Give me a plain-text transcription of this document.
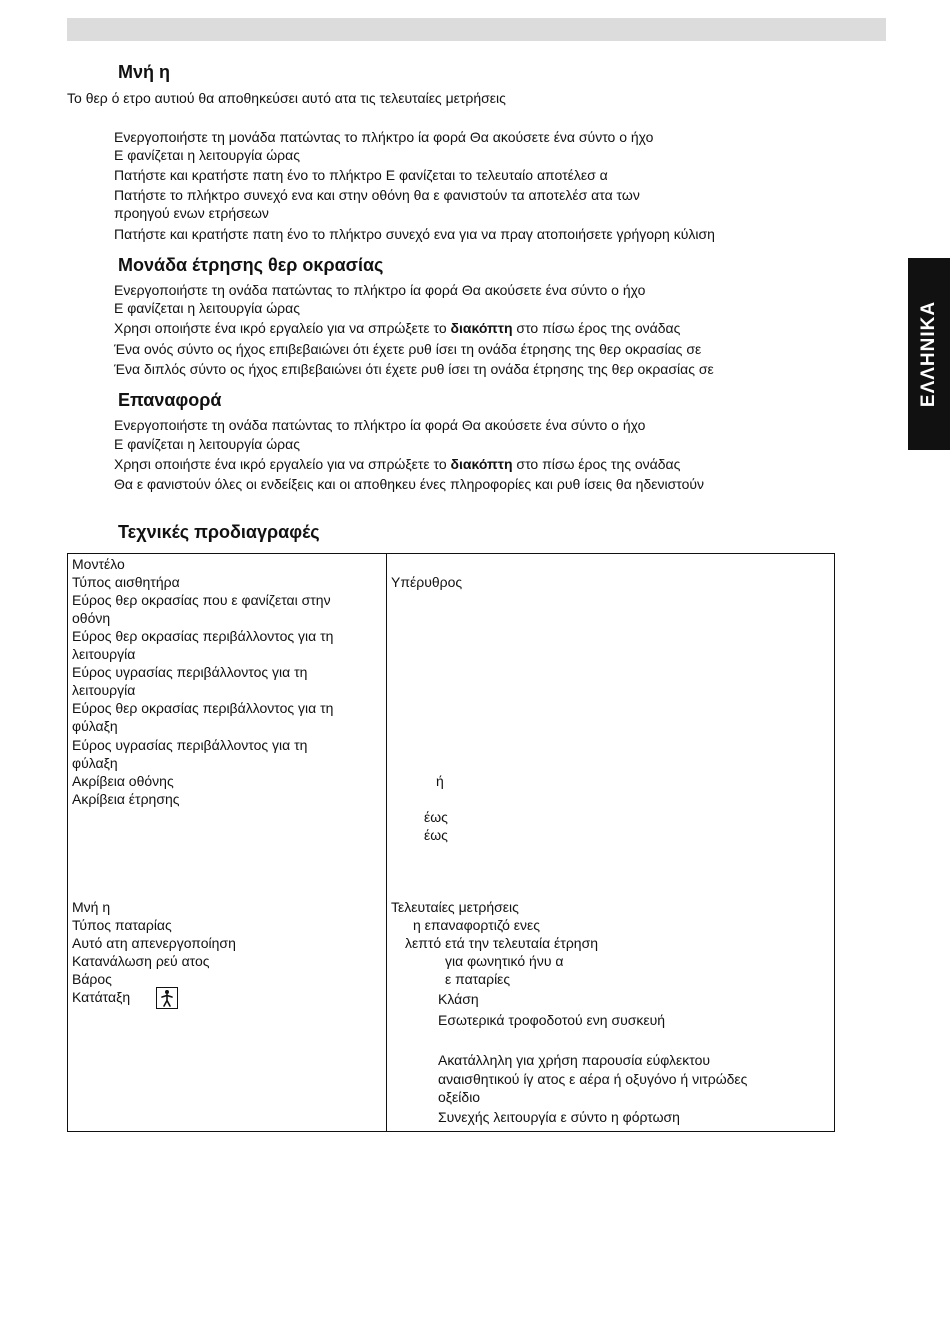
ΕΛΛΗΝΙΚΑ
Μνή η
Το θερ ό ετρο αυτιού θα αποθηκεύσει αυτό ατα τις τελευταίες μετρήσεις
Ενεργοποιήστε τη μονάδα πατώντας το πλήκτρο ία φορά Θα ακούσετε ένα σύντο ο ήχο
Ε φανίζεται η λειτουργία ώρας
Πατήστε και κρατήστε πατη ένο το πλήκτρο Ε φανίζεται το τελευταίο αποτέλεσ α
Πατήστε το πλήκτρο συνεχό ενα και στην οθόνη θα ε φανιστούν τα αποτελέσ ατα των
προηγού ενων ετρήσεων
Πατήστε και κρατήστε πατη ένο το πλήκτρο συνεχό ενα για να πραγ ατοποιήσετε γρήγορη κύλιση
Μονάδα έτρησης θερ οκρασίας
Ενεργοποιήστε τη ονάδα πατώντας το πλήκτρο ία φορά Θα ακούσετε ένα σύντο ο ήχο
Ε φανίζεται η λειτουργία ώρας
Χρησι οποιήστε ένα ικρό εργαλείο για να σπρώξετε το διακόπτη στο πίσω έρος της ονάδας
Ένα ονός σύντο ος ήχος επιβεβαιώνει ότι έχετε ρυθ ίσει τη ονάδα έτρησης της θερ οκρασίας σε
Ένα διπλός σύντο ος ήχος επιβεβαιώνει ότι έχετε ρυθ ίσει τη ονάδα έτρησης της θερ οκρασίας σε
Επαναφορά
Ενεργοποιήστε τη ονάδα πατώντας το πλήκτρο ία φορά Θα ακούσετε ένα σύντο ο ήχο
Ε φανίζεται η λειτουργία ώρας
Χρησι οποιήστε ένα ικρό εργαλείο για να σπρώξετε το διακόπτη στο πίσω έρος της ονάδας
Θα ε φανιστούν όλες οι ενδείξεις και οι αποθηκευ ένες πληροφορίες και ρυθ ίσεις θα ηδενιστούν
Τεχνικές προδιαγραφές
Μοντέλο
Τύπος αισθητήρα
Εύρος θερ οκρασίας που ε φανίζεται στην
οθόνη
Εύρος θερ οκρασίας περιβάλλοντος για τη
λειτουργία
Εύρος υγρασίας περιβάλλοντος για τη
λειτουργία
Εύρος θερ οκρασίας περιβάλλοντος για τη
φύλαξη
Εύρος υγρασίας περιβάλλοντος για τη
φύλαξη
Ακρίβεια οθόνης
Ακρίβεια έτρησης
Μνή η
Τύπος παταρίας
Αυτό ατη απενεργοποίηση
Κατανάλωση ρεύ ατος
Βάρος
Κατάταξη
Υπέρυθρος
ή
έως
έως
Τελευταίες μετρήσεις
η επαναφορτιζό ενες
λεπτό ετά την τελευταία έτρηση
για φωνητικό ήνυ α
ε παταρίες
Κλάση
Εσωτερικά τροφοδοτού ενη συσκευή
Ακατάλληλη για χρήση παρουσία εύφλεκτου
αναισθητικού ίγ ατος ε αέρα ή οξυγόνο ή νιτρώδες
οξείδιο
Συνεχής λειτουργία ε σύντο η φόρτωση
